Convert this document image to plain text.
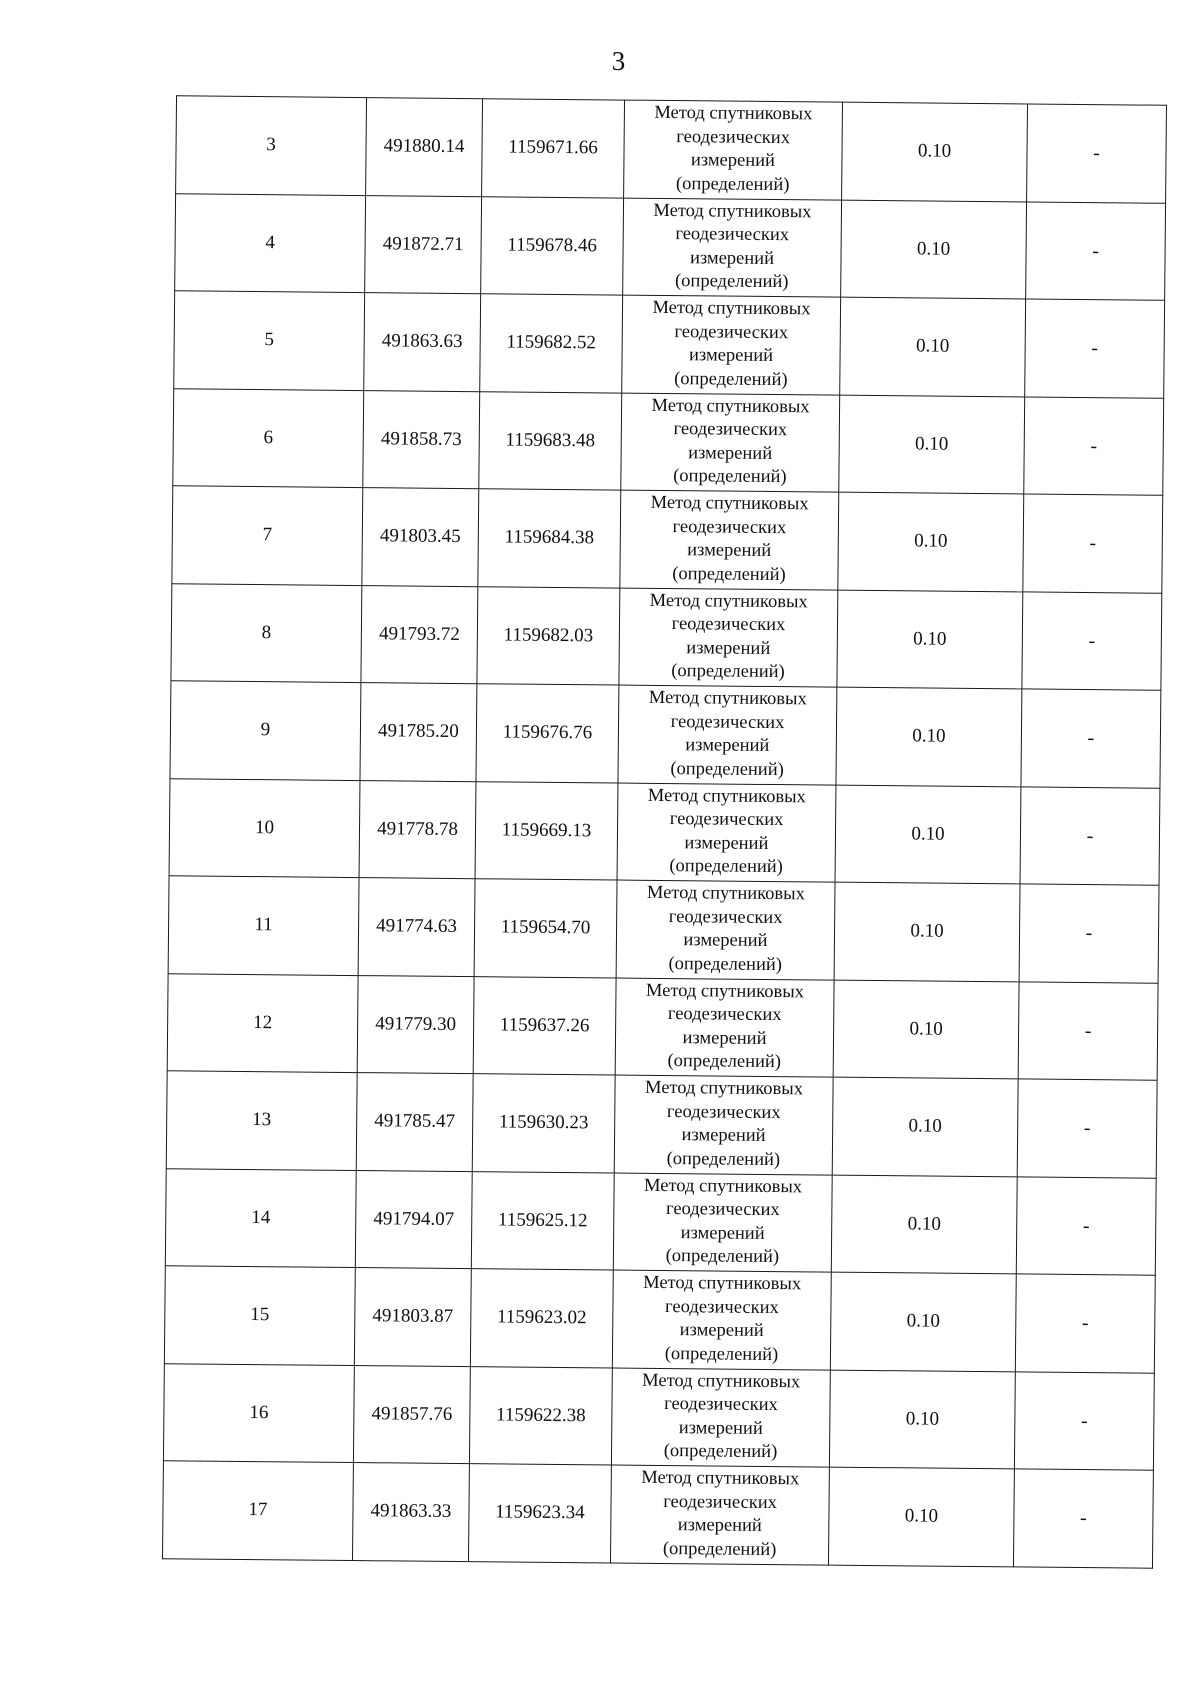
3
3	491880.14	1159671.66	Метод спутниковых
геодезических
измерений
(определений)	0.10	-
4	491872.71	1159678.46	Метод спутниковых
геодезических
измерений
(определений)	0.10	-
5	491863.63	1159682.52	Метод спутниковых
геодезических
измерений
(определений)	0.10	-
6	491858.73	1159683.48	Метод спутниковых
геодезических
измерений
(определений)	0.10	-
7	491803.45	1159684.38	Метод спутниковых
геодезических
измерений
(определений)	0.10	-
8	491793.72	1159682.03	Метод спутниковых
геодезических
измерений
(определений)	0.10	-
9	491785.20	1159676.76	Метод спутниковых
геодезических
измерений
(определений)	0.10	-
10	491778.78	1159669.13	Метод спутниковых
геодезических
измерений
(определений)	0.10	-
11	491774.63	1159654.70	Метод спутниковых
геодезических
измерений
(определений)	0.10	-
12	491779.30	1159637.26	Метод спутниковых
геодезических
измерений
(определений)	0.10	-
13	491785.47	1159630.23	Метод спутниковых
геодезических
измерений
(определений)	0.10	-
14	491794.07	1159625.12	Метод спутниковых
геодезических
измерений
(определений)	0.10	-
15	491803.87	1159623.02	Метод спутниковых
геодезических
измерений
(определений)	0.10	-
16	491857.76	1159622.38	Метод спутниковых
геодезических
измерений
(определений)	0.10	-
17	491863.33	1159623.34	Метод спутниковых
геодезических
измерений
(определений)	0.10	-
